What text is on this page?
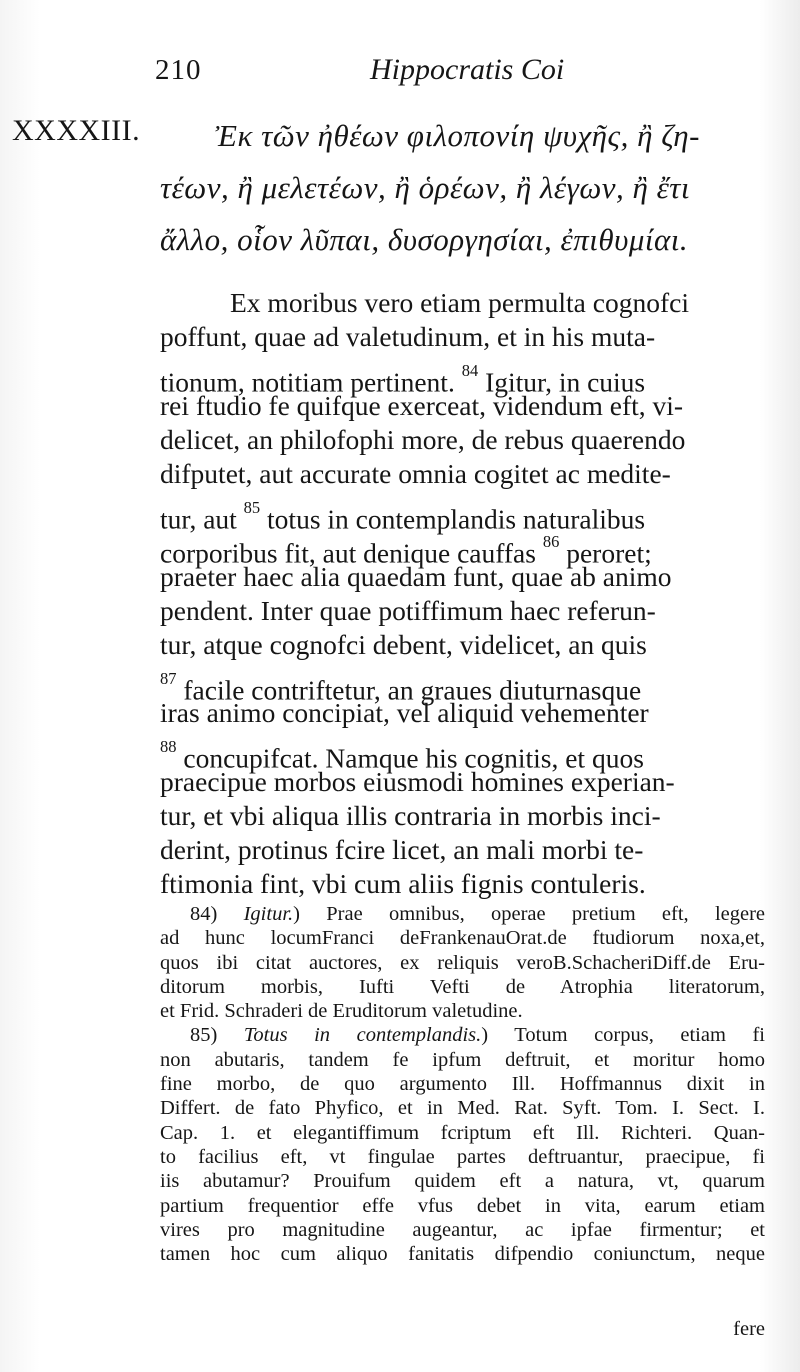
210	Hippocratis Coi
XXXXIII. Ἐκ τῶν ἠθέων φιλοπονίη ψυχῆς, ἢ ζη-
τέων, ἢ μελετέων, ἢ ὁρέων, ἢ λέγων, ἢ ἔτι
ἄλλο, οἷον λῦπαι, δυσοργησίαι, ἐπιθυμίαι.
Ex moribus vero etiam permulta cognofci
poffunt, quae ad valetudinum, et in his muta-
tionum, notitiam pertinent. $^{84}$ Igitur, in cuius
rei ftudio fe quifque exerceat, videndum eft, vi-
delicet, an philofophi more, de rebus quaerendo
difputet, aut accurate omnia cogitet ac medite-
tur, aut $^{85}$ totus in contemplandis naturalibus
corporibus fit, aut denique cauffas $^{86}$ peroret;
praeter haec alia quaedam funt, quae ab animo
pendent. Inter quae potiffimum haec referun-
tur, atque cognofci debent, videlicet, an quis
$^{87}$ facile contriftetur, an graues diuturnasque
iras animo concipiat, vel aliquid vehementer
$^{88}$ concupifcat. Namque his cognitis, et quos
praecipue morbos eiusmodi homines experian-
tur, et vbi aliqua illis contraria in morbis inci-
derint, protinus fcire licet, an mali morbi te-
ftimonia fint, vbi cum aliis fignis contuleris.
84) Igitur.) Prae omnibus, operae pretium eft, legere
ad hunc locumFranci deFrankenauOrat.de ftudiorum noxa,et,
quos ibi citat auctores, ex reliquis veroB.SchacheriDiff.de Eru-
ditorum morbis, Iufti Vefti de Atrophia literatorum,
et Frid. Schraderi de Eruditorum valetudine.
85) Totus in contemplandis.) Totum corpus, etiam fi
non abutaris, tandem fe ipfum deftruit, et moritur homo
fine morbo, de quo argumento Ill. Hoffmannus dixit in
Differt. de fato Phyfico, et in Med. Rat. Syft. Tom. I. Sect. I.
Cap. 1. et elegantiffimum fcriptum eft Ill. Richteri. Quan-
to facilius eft, vt fingulae partes deftruantur, praecipue, fi
iis abutamur? Prouifum quidem eft a natura, vt, quarum
partium frequentior effe vfus debet in vita, earum etiam
vires pro magnitudine augeantur, ac ipfae firmentur; et
tamen hoc cum aliquo fanitatis difpendio coniunctum, neque
fere
